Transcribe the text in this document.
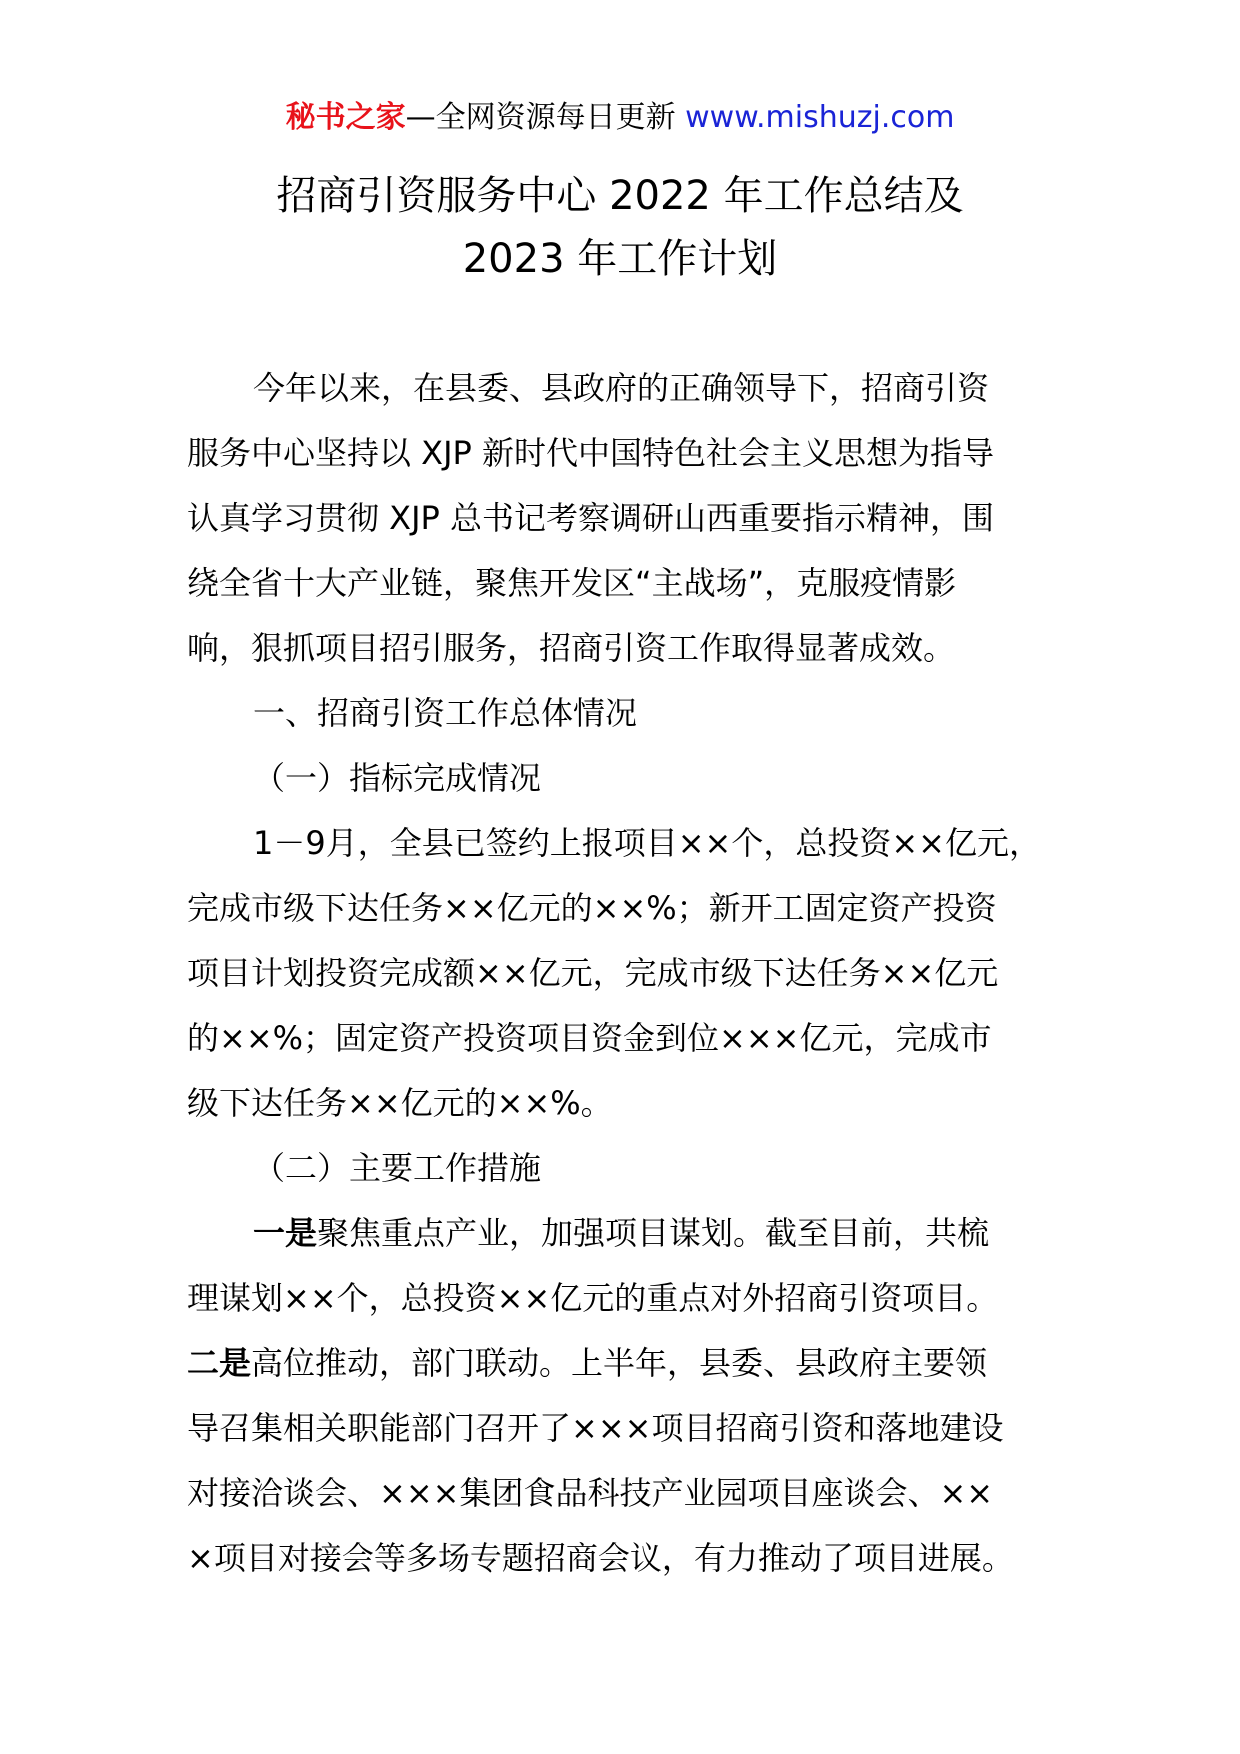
秘书之家—全网资源每日更新 www.mishuzj.com
招商引资服务中心 2022 年工作总结及
2023 年工作计划
今年以来，在县委、县政府的正确领导下，招商引资
服务中心坚持以 XJP 新时代中国特色社会主义思想为指导
认真学习贯彻 XJP 总书记考察调研山西重要指示精神，围
绕全省十大产业链，聚焦开发区“主战场”，克服疫情影
响，狠抓项目招引服务，招商引资工作取得显著成效。
一、招商引资工作总体情况
（一）指标完成情况
1－9月，全县已签约上报项目××个，总投资××亿元，
完成市级下达任务××亿元的××%；新开工固定资产投资
项目计划投资完成额××亿元，完成市级下达任务××亿元
的××%；固定资产投资项目资金到位×××亿元，完成市
级下达任务××亿元的××%。
（二）主要工作措施
一是聚焦重点产业，加强项目谋划。截至目前，共梳
理谋划××个，总投资××亿元的重点对外招商引资项目。
二是高位推动，部门联动。上半年，县委、县政府主要领
导召集相关职能部门召开了×××项目招商引资和落地建设
对接洽谈会、×××集团食品科技产业园项目座谈会、××
×项目对接会等多场专题招商会议，有力推动了项目进展。
